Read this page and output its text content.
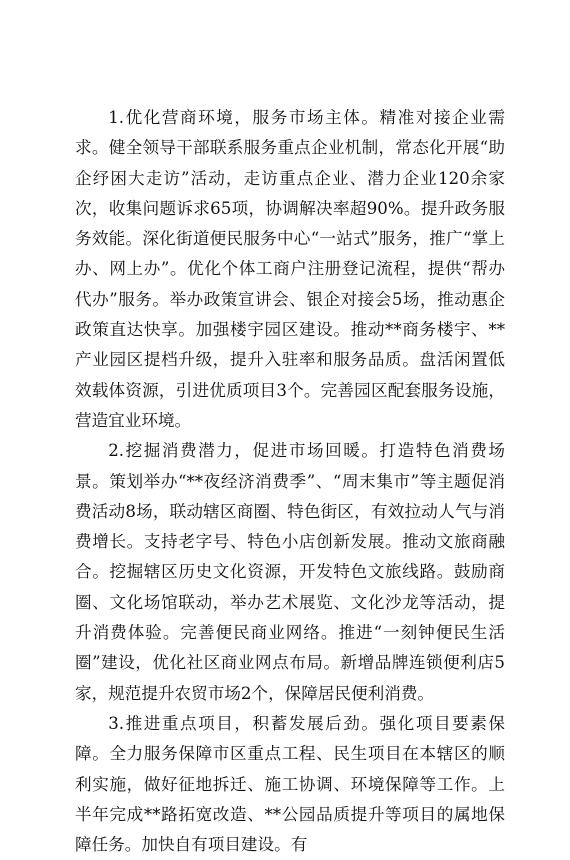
1.优化营商环境，服务市场主体。精准对接企业需求。健全领导干部联系服务重点企业机制，常态化开展“助企纾困大走访”活动，走访重点企业、潜力企业120余家次，收集问题诉求65项，协调解决率超90%。提升政务服务效能。深化街道便民服务中心“一站式”服务，推广“掌上办、网上办”。优化个体工商户注册登记流程，提供“帮办代办”服务。举办政策宣讲会、银企对接会5场，推动惠企政策直达快享。加强楼宇园区建设。推动**商务楼宇、**产业园区提档升级，提升入驻率和服务品质。盘活闲置低效载体资源，引进优质项目3个。完善园区配套服务设施，营造宜业环境。

2.挖掘消费潜力，促进市场回暖。打造特色消费场景。策划举办“**夜经济消费季”、“周末集市”等主题促消费活动8场，联动辖区商圈、特色街区，有效拉动人气与消费增长。支持老字号、特色小店创新发展。推动文旅商融合。挖掘辖区历史文化资源，开发特色文旅线路。鼓励商圈、文化场馆联动，举办艺术展览、文化沙龙等活动，提升消费体验。完善便民商业网络。推进“一刻钟便民生活圈”建设，优化社区商业网点布局。新增品牌连锁便利店5家，规范提升农贸市场2个，保障居民便利消费。

3.推进重点项目，积蓄发展后劲。强化项目要素保障。全力服务保障市区重点工程、民生项目在本辖区的顺利实施，做好征地拆迁、施工协调、环境保障等工作。上半年完成**路拓宽改造、**公园品质提升等项目的属地保障任务。加快自有项目建设。有
